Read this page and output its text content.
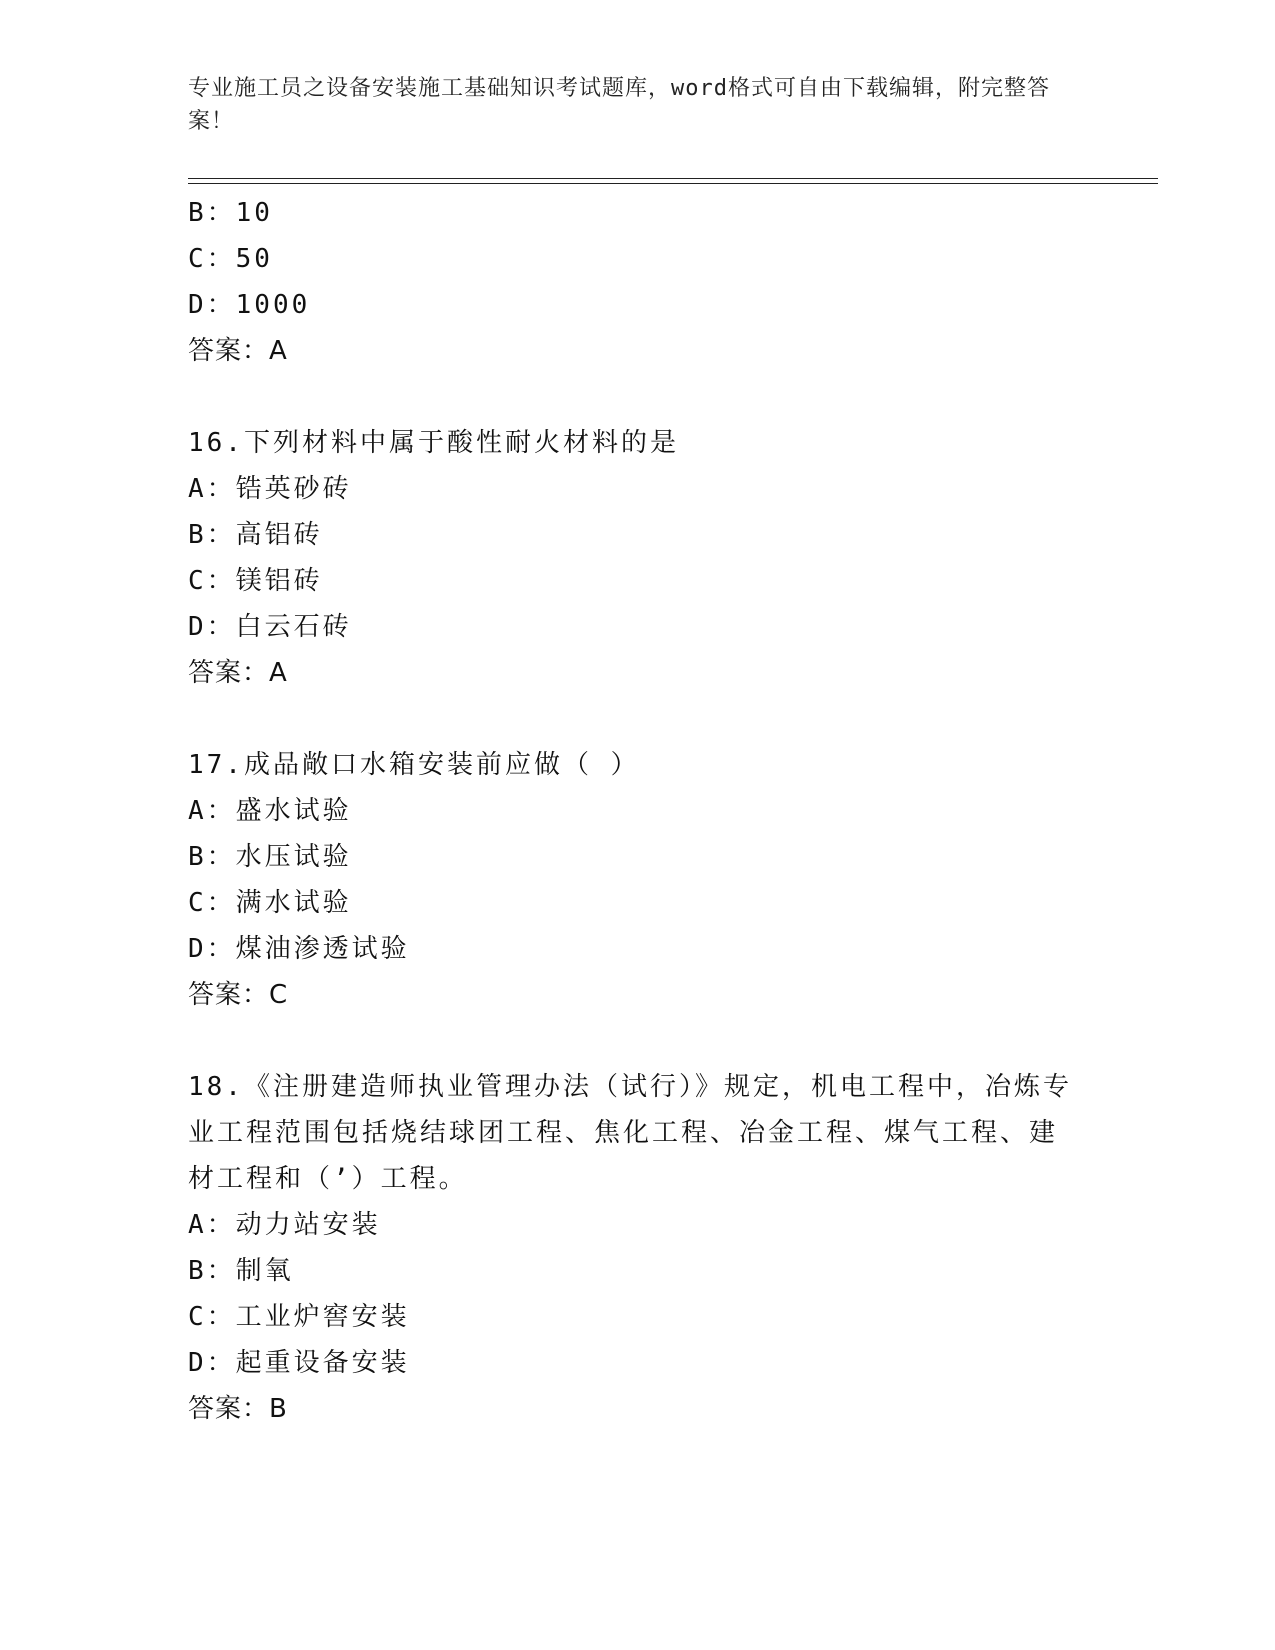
专业施工员之设备安装施工基础知识考试题库，word格式可自由下载编辑，附完整答案！
B：10
C：50
D：1000
答案：A
16.下列材料中属于酸性耐火材料的是
A：锆英砂砖
B：高铝砖
C：镁铝砖
D：白云石砖
答案：A
17.成品敞口水箱安装前应做（ ）
A：盛水试验
B：水压试验
C：满水试验
D：煤油渗透试验
答案：C
18.《注册建造师执业管理办法（试行）》规定，机电工程中，冶炼专业工程范围包括烧结球团工程、焦化工程、冶金工程、煤气工程、建材工程和（’）工程。
A：动力站安装
B：制氧
C：工业炉窖安装
D：起重设备安装
答案：B
